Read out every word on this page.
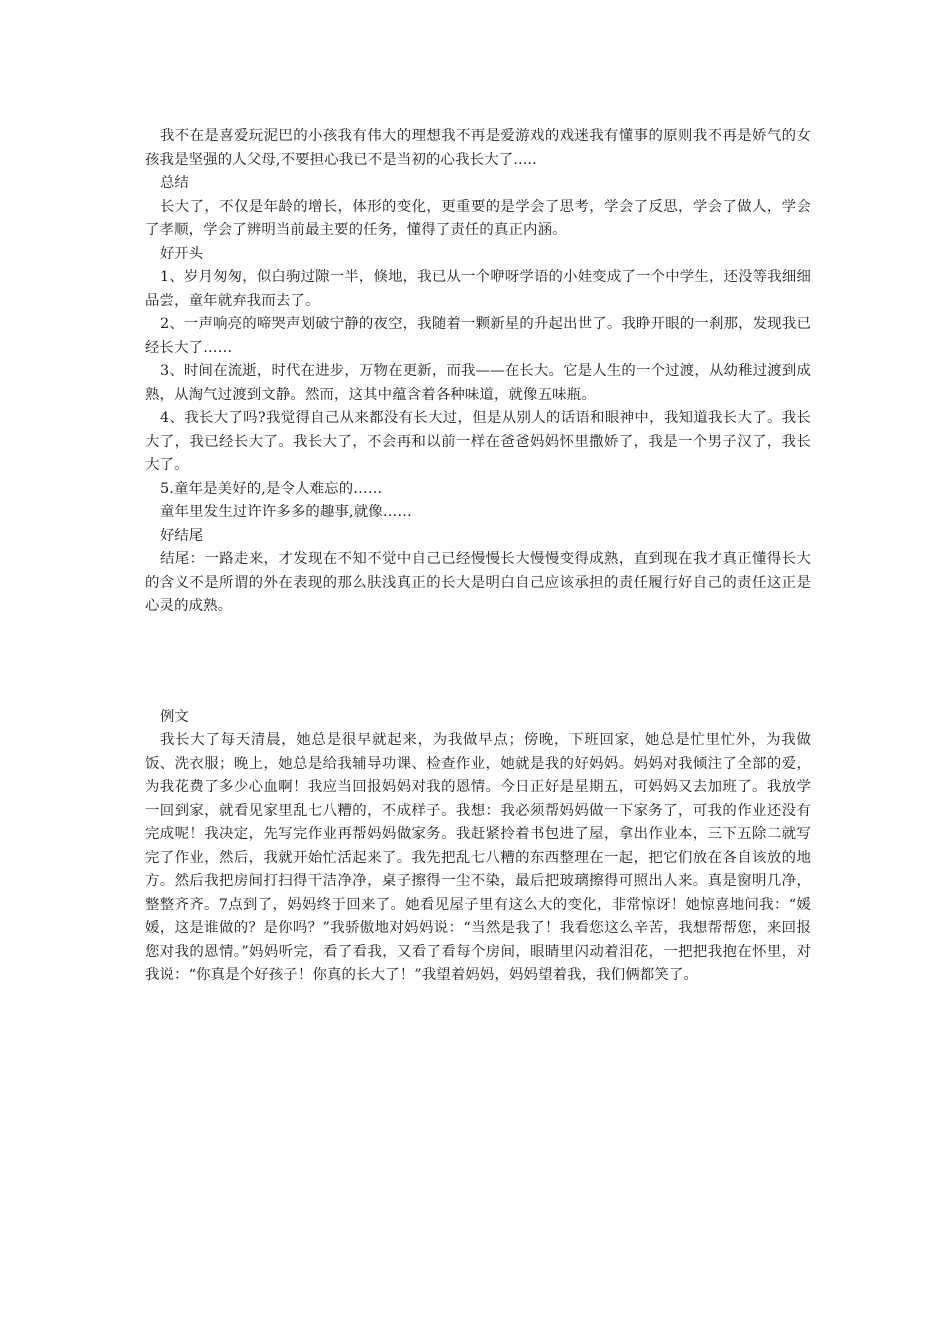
我不在是喜爱玩泥巴的小孩我有伟大的理想我不再是爱游戏的戏迷我有懂事的原则我不再是娇气的女孩我是坚强的人父母,不要担心我已不是当初的心我长大了.....

总结

长大了，不仅是年龄的增长，体形的变化，更重要的是学会了思考，学会了反思，学会了做人，学会了孝顺，学会了辨明当前最主要的任务，懂得了责任的真正内涵。

好开头

1、岁月匆匆，似白驹过隙一半，倏地，我已从一个咿呀学语的小娃变成了一个中学生，还没等我细细品尝，童年就弃我而去了。

2、一声响亮的啼哭声划破宁静的夜空，我随着一颗新星的升起出世了。我睁开眼的一刹那，发现我已经长大了……

3、时间在流逝，时代在进步，万物在更新，而我——在长大。它是人生的一个过渡，从幼稚过渡到成熟，从淘气过渡到文静。然而，这其中蕴含着各种味道，就像五味瓶。

4、我长大了吗?我觉得自己从来都没有长大过，但是从别人的话语和眼神中，我知道我长大了。我长大了，我已经长大了。我长大了，不会再和以前一样在爸爸妈妈怀里撒娇了，我是一个男子汉了，我长大了。

5.童年是美好的,是令人难忘的……

童年里发生过许许多多的趣事,就像……

好结尾

结尾：一路走来，才发现在不知不觉中自己已经慢慢长大慢慢变得成熟，直到现在我才真正懂得长大的含义不是所谓的外在表现的那么肤浅真正的长大是明白自己应该承担的责任履行好自己的责任这正是心灵的成熟。

例文

我长大了每天清晨，她总是很早就起来，为我做早点；傍晚，下班回家，她总是忙里忙外，为我做饭、洗衣服；晚上，她总是给我辅导功课、检查作业，她就是我的好妈妈。妈妈对我倾注了全部的爱，为我花费了多少心血啊！我应当回报妈妈对我的恩情。今日正好是星期五，可妈妈又去加班了。我放学一回到家，就看见家里乱七八糟的，不成样子。我想：我必须帮妈妈做一下家务了，可我的作业还没有完成呢！我决定，先写完作业再帮妈妈做家务。我赶紧拎着书包进了屋，拿出作业本，三下五除二就写完了作业，然后，我就开始忙活起来了。我先把乱七八糟的东西整理在一起，把它们放在各自该放的地方。然后我把房间打扫得干洁净净，桌子擦得一尘不染，最后把玻璃擦得可照出人来。真是窗明几净，整整齐齐。7点到了，妈妈终于回来了。她看见屋子里有这么大的变化，非常惊讶！她惊喜地问我：“媛媛，这是谁做的？是你吗？”我骄傲地对妈妈说：“当然是我了！我看您这么辛苦，我想帮帮您，来回报您对我的恩情。”妈妈听完，看了看我，又看了看每个房间，眼睛里闪动着泪花，一把把我抱在怀里，对我说：“你真是个好孩子！你真的长大了！”我望着妈妈，妈妈望着我，我们俩都笑了。
